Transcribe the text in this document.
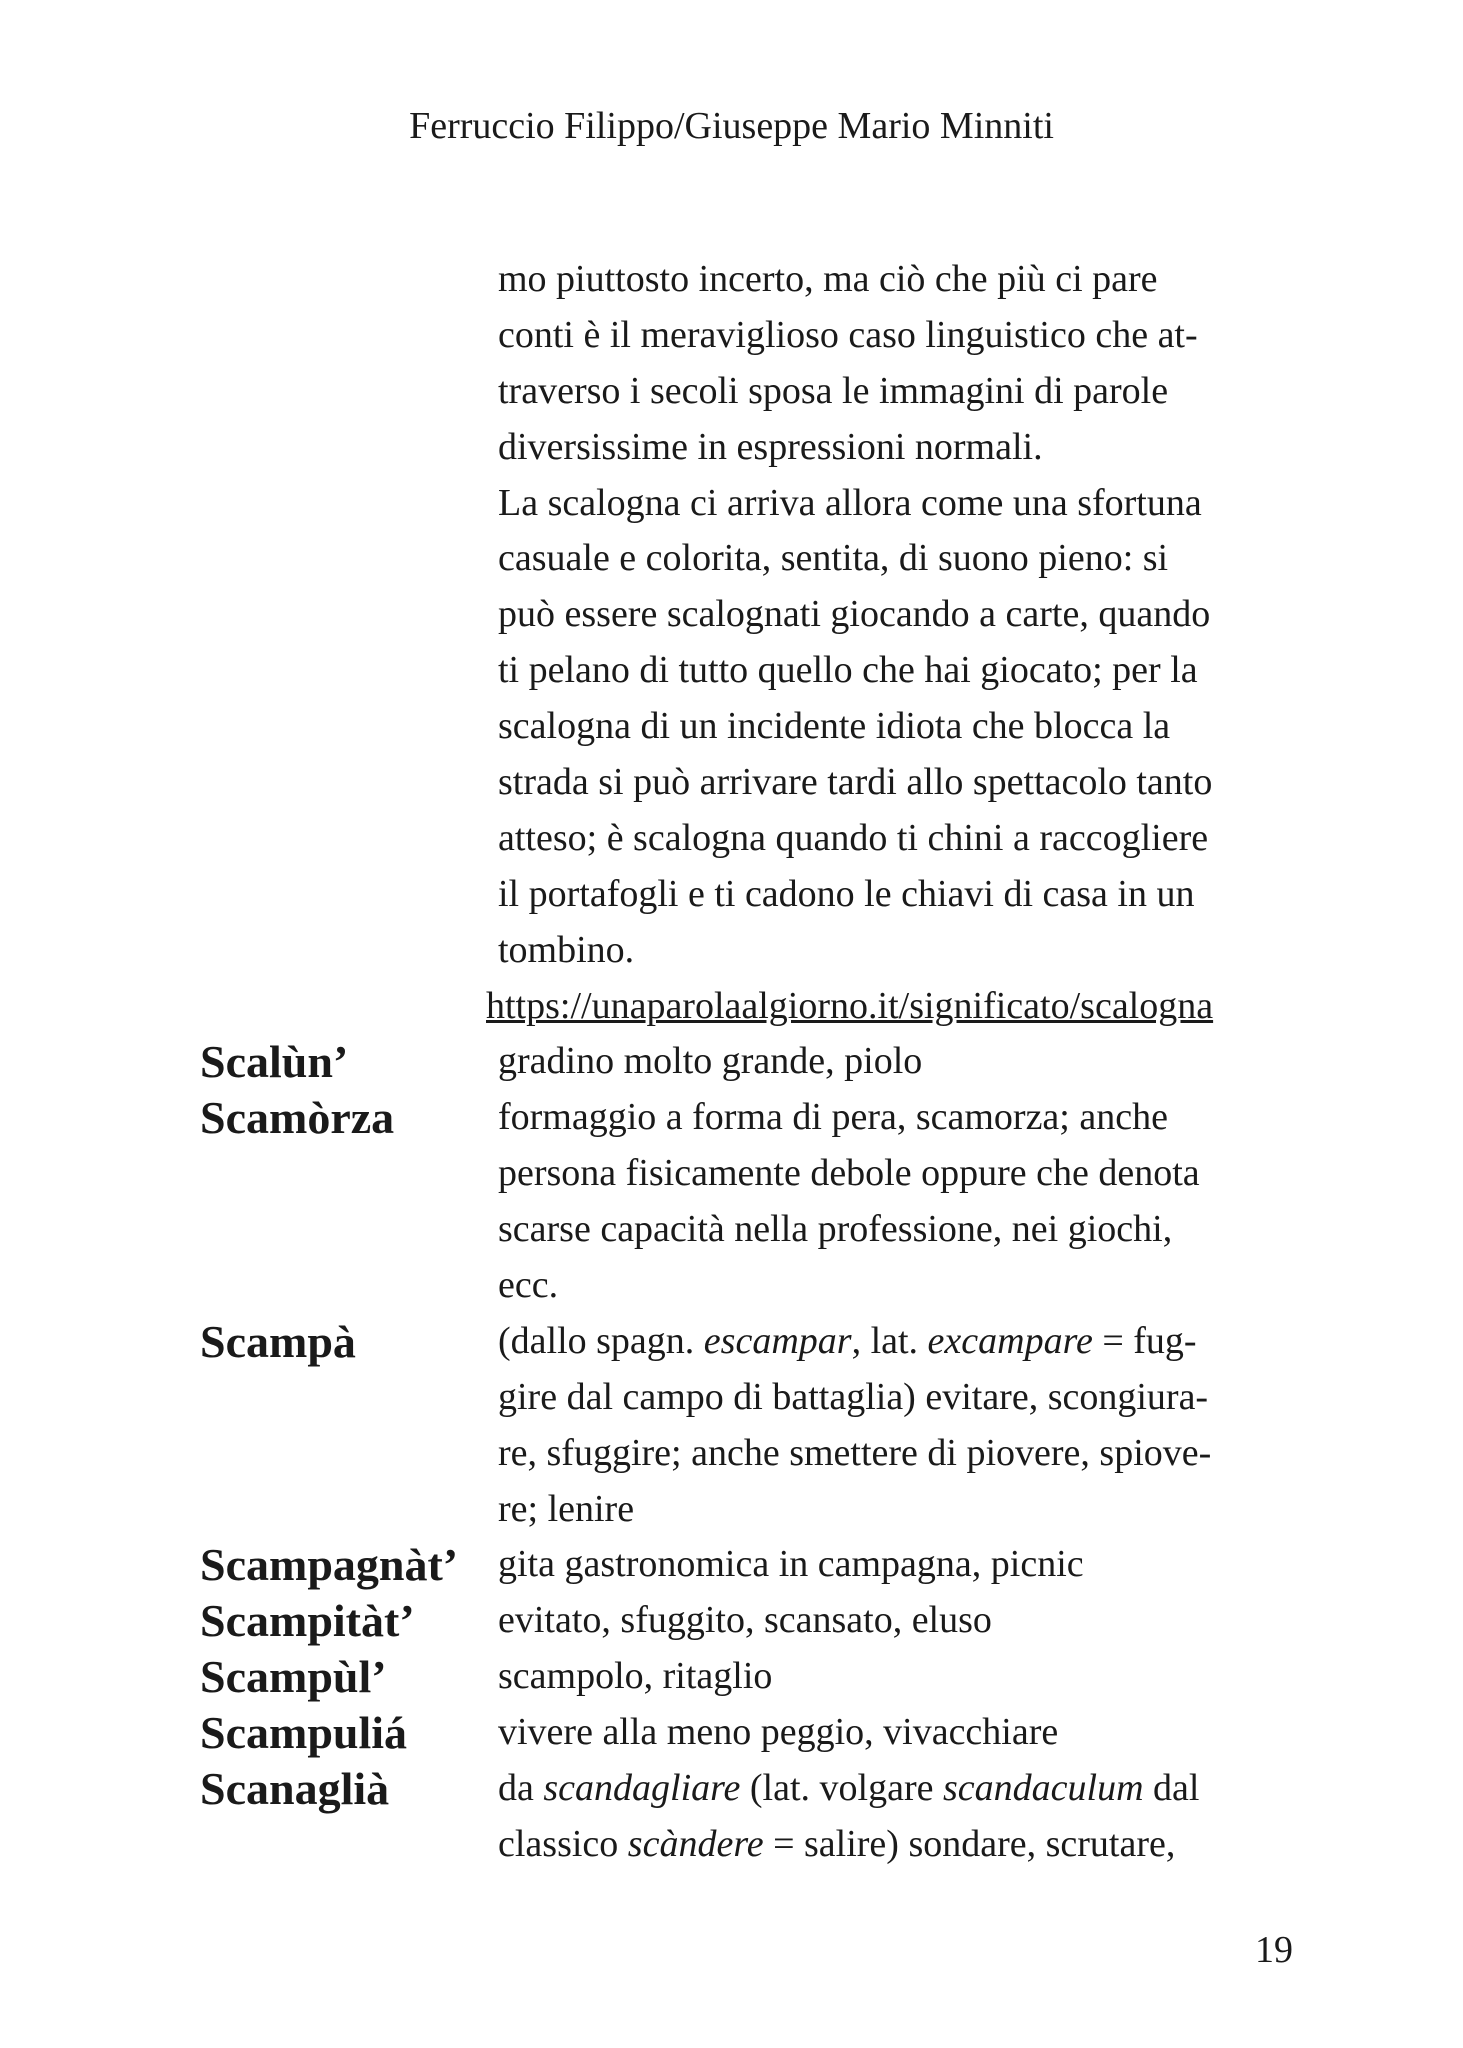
Ferruccio Filippo/Giuseppe Mario Minniti
mo piuttosto incerto, ma ciò che più ci pare
conti è il meraviglioso caso linguistico che at-
traverso i secoli sposa le immagini di parole
diversissime in espressioni normali.
La scalogna ci arriva allora come una sfortuna
casuale e colorita, sentita, di suono pieno: si
può essere scalognati giocando a carte, quando
ti pelano di tutto quello che hai giocato; per la
scalogna di un incidente idiota che blocca la
strada si può arrivare tardi allo spettacolo tanto
atteso; è scalogna quando ti chini a raccogliere
il portafogli e ti cadono le chiavi di casa in un
tombino.
https://unaparolaalgiorno.it/significato/scalogna
Scalùn’	gradino molto grande, piolo
Scamòrza	formaggio a forma di pera, scamorza; anche
persona fisicamente debole oppure che denota
scarse capacità nella professione, nei giochi,
ecc.
Scampà	(dallo spagn. escampar, lat. excampare = fug-
gire dal campo di battaglia) evitare, scongiura-
re, sfuggire; anche smettere di piovere, spiove-
re; lenire
Scampagnàt’ gita gastronomica in campagna, picnic
Scampitàt’ evitato, sfuggito, scansato, eluso
Scampùl’	scampolo, ritaglio
Scampuliá vivere alla meno peggio, vivacchiare
Scanaglià	da scandagliare (lat. volgare scandaculum dal
classico scàndere = salire) sondare, scrutare,
19
